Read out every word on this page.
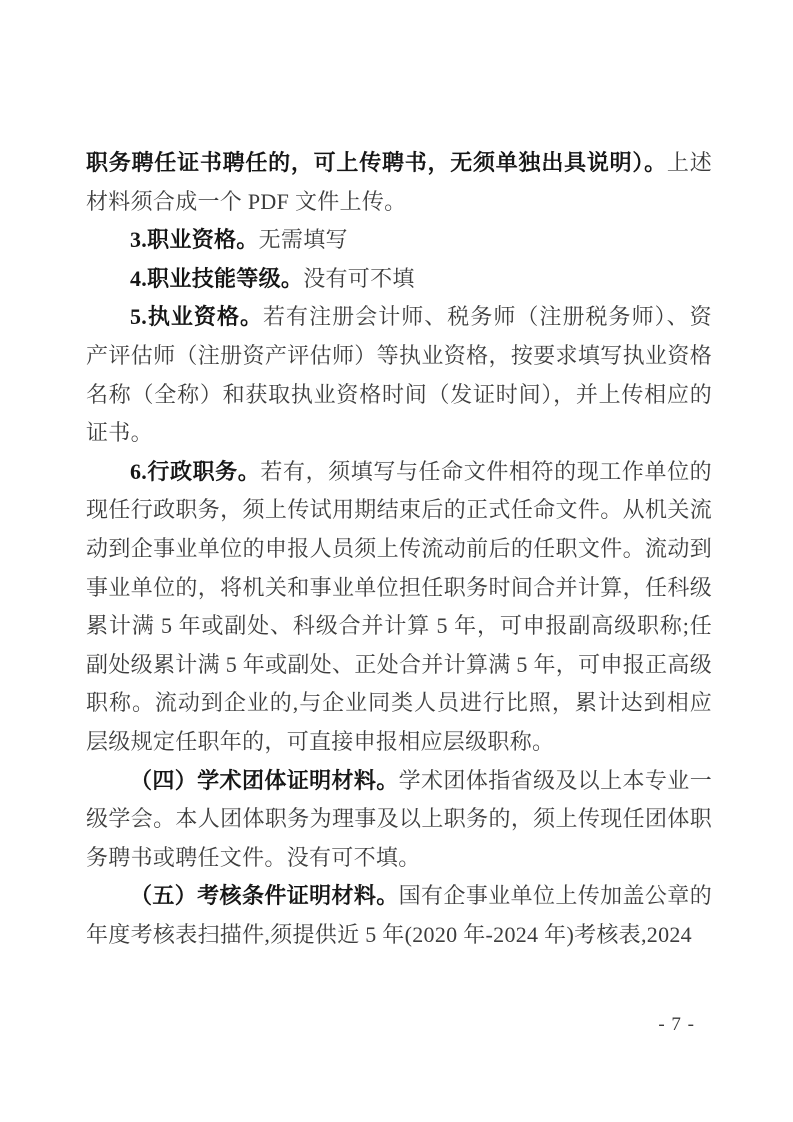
职务聘任证书聘任的，可上传聘书，无须单独出具说明）。上述材料须合成一个 PDF 文件上传。

3.职业资格。无需填写

4.职业技能等级。没有可不填

5.执业资格。若有注册会计师、税务师（注册税务师）、资产评估师（注册资产评估师）等执业资格，按要求填写执业资格名称（全称）和获取执业资格时间（发证时间），并上传相应的证书。

6.行政职务。若有，须填写与任命文件相符的现工作单位的现任行政职务，须上传试用期结束后的正式任命文件。从机关流动到企事业单位的申报人员须上传流动前后的任职文件。流动到事业单位的，将机关和事业单位担任职务时间合并计算，任科级累计满 5 年或副处、科级合并计算 5 年，可申报副高级职称;任副处级累计满 5 年或副处、正处合并计算满 5 年，可申报正高级职称。流动到企业的,与企业同类人员进行比照，累计达到相应层级规定任职年的，可直接申报相应层级职称。

（四）学术团体证明材料。学术团体指省级及以上本专业一级学会。本人团体职务为理事及以上职务的，须上传现任团体职务聘书或聘任文件。没有可不填。

（五）考核条件证明材料。国有企事业单位上传加盖公章的年度考核表扫描件,须提供近 5 年(2020 年-2024 年)考核表,2024

- 7 -
